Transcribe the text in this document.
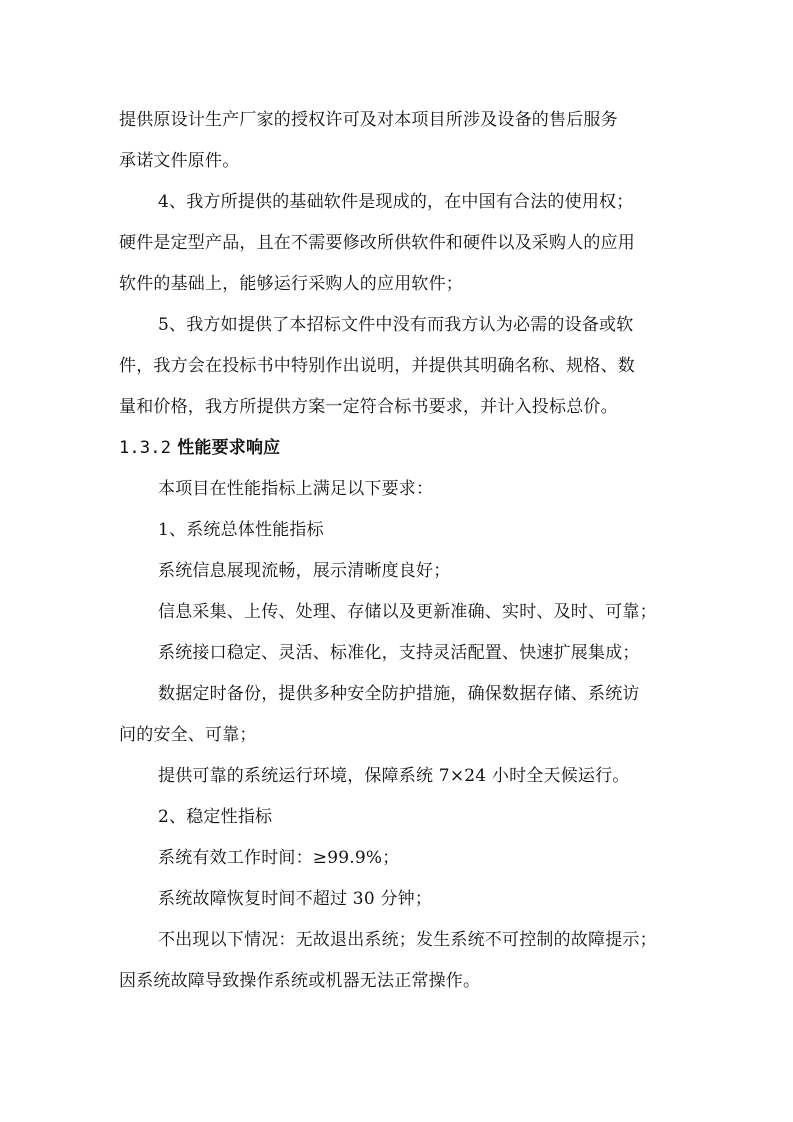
提供原设计生产厂家的授权许可及对本项目所涉及设备的售后服务
承诺文件原件。
4、我方所提供的基础软件是现成的，在中国有合法的使用权；
硬件是定型产品，且在不需要修改所供软件和硬件以及采购人的应用
软件的基础上，能够运行采购人的应用软件；
5、我方如提供了本招标文件中没有而我方认为必需的设备或软
件，我方会在投标书中特别作出说明，并提供其明确名称、规格、数
量和价格，我方所提供方案一定符合标书要求，并计入投标总价。
1.3.2 性能要求响应
本项目在性能指标上满足以下要求：
1、系统总体性能指标
系统信息展现流畅，展示清晰度良好；
信息采集、上传、处理、存储以及更新准确、实时、及时、可靠；
系统接口稳定、灵活、标准化，支持灵活配置、快速扩展集成；
数据定时备份，提供多种安全防护措施，确保数据存储、系统访
问的安全、可靠；
提供可靠的系统运行环境，保障系统 7×24 小时全天候运行。
2、稳定性指标
系统有效工作时间：≥99.9%；
系统故障恢复时间不超过 30 分钟；
不出现以下情况：无故退出系统；发生系统不可控制的故障提示；
因系统故障导致操作系统或机器无法正常操作。
